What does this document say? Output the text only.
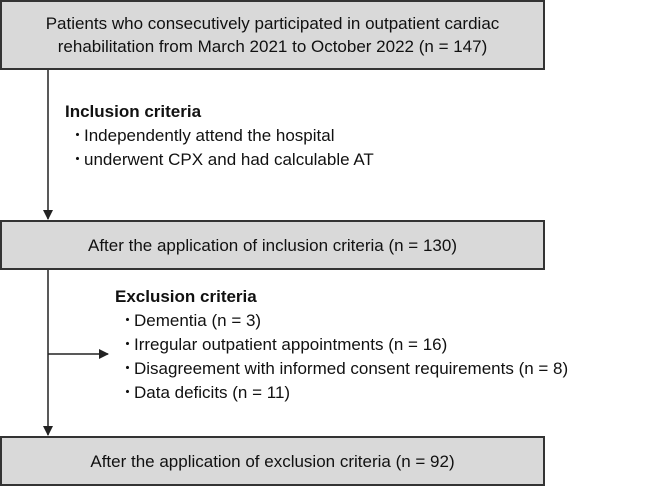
Patients who consecutively participated in outpatient cardiac
rehabilitation from March 2021 to October 2022 (n = 147)
Inclusion criteria
・Independently attend the hospital
・underwent CPX and had calculable AT
After the application of inclusion criteria (n = 130)
Exclusion criteria
・Dementia (n = 3)
・Irregular outpatient appointments (n = 16)
・Disagreement with informed consent requirements (n = 8)
・Data deficits (n = 11)
After the application of exclusion criteria (n = 92)
